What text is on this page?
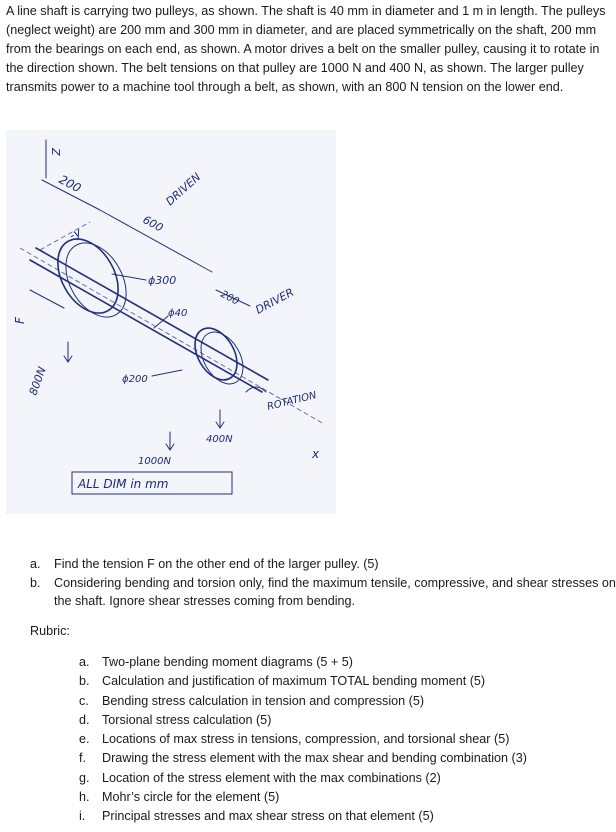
A line shaft is carrying two pulleys, as shown. The shaft is 40 mm in diameter and 1 m in length. The pulleys (neglect weight) are 200 mm and 300 mm in diameter, and are placed symmetrically on the shaft, 200 mm from the bearings on each end, as shown. A motor drives a belt on the smaller pulley, causing it to rotate in the direction shown. The belt tensions on that pulley are 1000 N and 400 N, as shown. The larger pulley transmits power to a machine tool through a belt, as shown, with an 800 N tension on the lower end.

Z
200
-y	600
DRIVEN
ϕ300
200 DRIVER
ϕ40
F
800N	ϕ200
ROTATION
400N
1000N
x
ALL DIM in mm
a. Find the tension F on the other end of the larger pulley. (5)
b. Considering bending and torsion only, find the maximum tensile, compressive, and shear stresses on the shaft. Ignore shear stresses coming from bending.
Rubric:
a. Two-plane bending moment diagrams (5 + 5)
b. Calculation and justification of maximum TOTAL bending moment (5)
c. Bending stress calculation in tension and compression (5)
d. Torsional stress calculation (5)
e. Locations of max stress in tensions, compression, and torsional shear (5)
f. Drawing the stress element with the max shear and bending combination (3)
g. Location of the stress element with the max combinations (2)
h. Mohr’s circle for the element (5)
i. Principal stresses and max shear stress on that element (5)
